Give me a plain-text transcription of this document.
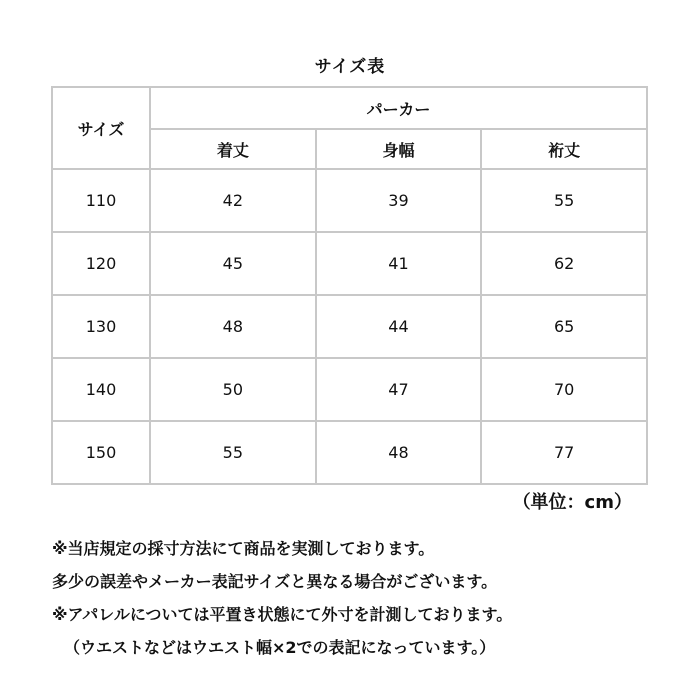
サイズ表
サイズ	パーカー		
	着丈	身幅	裄丈
110	42	39	55
120	45	41	62
130	48	44	65
140	50	47	70
150	55	48	77
（単位：cm）
※当店規定の採寸方法にて商品を実測しております。
多少の誤差やメーカー表記サイズと異なる場合がございます。
※アパレルについては平置き状態にて外寸を計測しております。
（ウエストなどはウエスト幅×2での表記になっています。）
